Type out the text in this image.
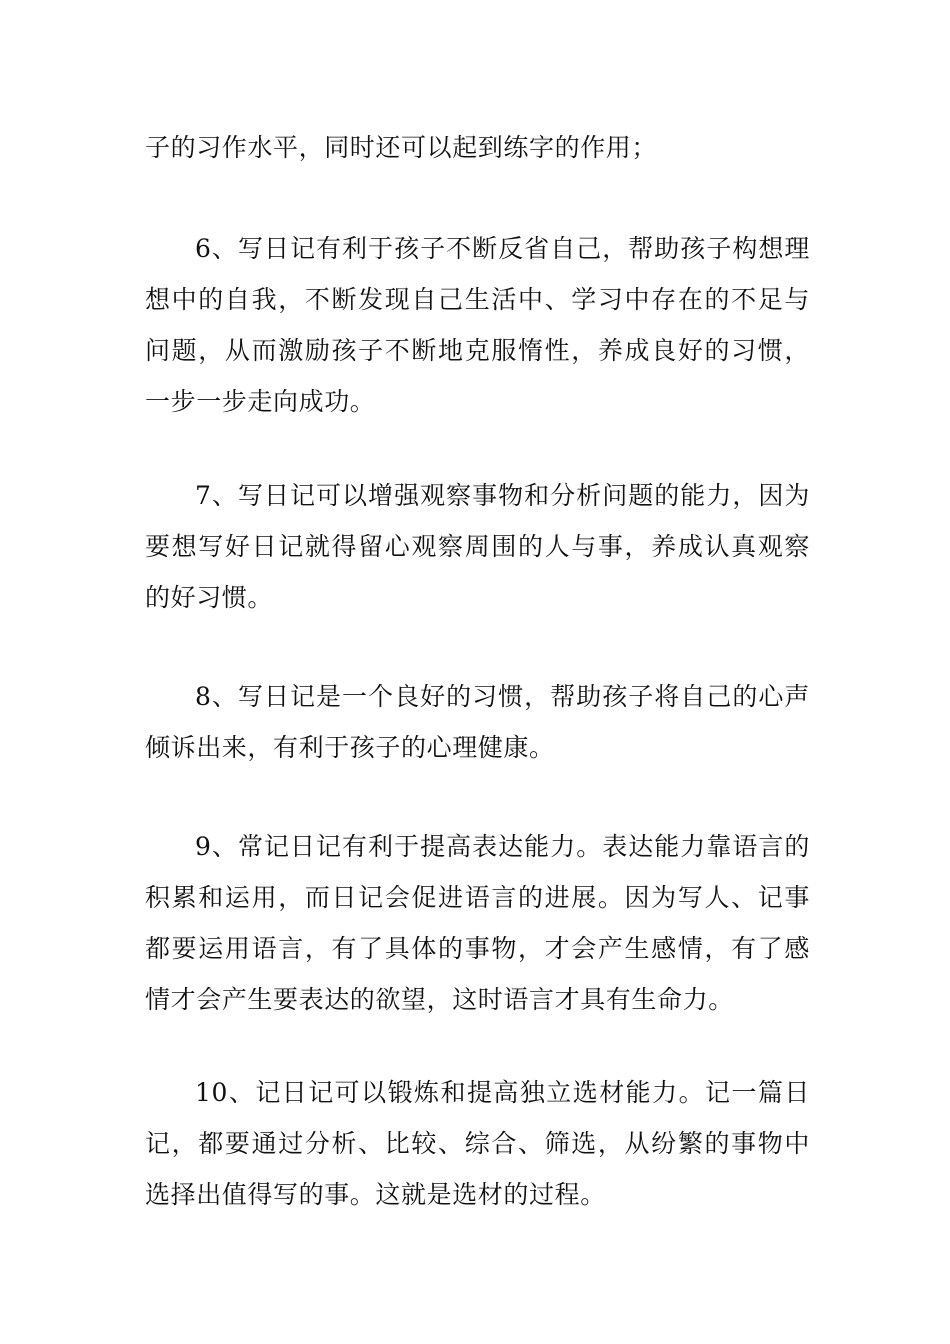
子的习作水平，同时还可以起到练字的作用；

6、写日记有利于孩子不断反省自己，帮助孩子构想理想中的自我，不断发现自己生活中、学习中存在的不足与问题，从而激励孩子不断地克服惰性，养成良好的习惯，一步一步走向成功。

7、写日记可以增强观察事物和分析问题的能力，因为要想写好日记就得留心观察周围的人与事，养成认真观察的好习惯。

8、写日记是一个良好的习惯，帮助孩子将自己的心声倾诉出来，有利于孩子的心理健康。

9、常记日记有利于提高表达能力。表达能力靠语言的积累和运用，而日记会促进语言的进展。因为写人、记事都要运用语言，有了具体的事物，才会产生感情，有了感情才会产生要表达的欲望，这时语言才具有生命力。

10、记日记可以锻炼和提高独立选材能力。记一篇日记，都要通过分析、比较、综合、筛选，从纷繁的事物中选择出值得写的事。这就是选材的过程。
